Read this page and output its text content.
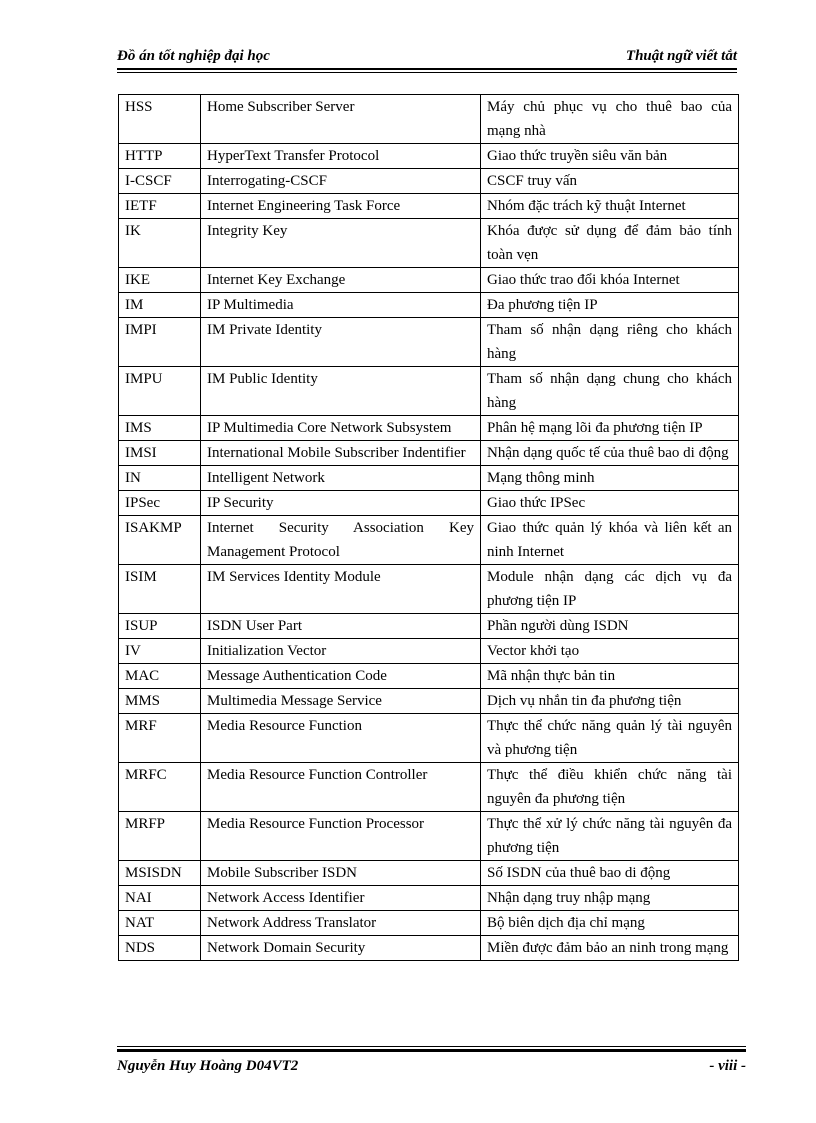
Đồ án tốt nghiệp đại học	Thuật ngữ viết tắt
HSS	Home Subscriber Server	Máy chủ phục vụ cho thuê bao của mạng nhà
HTTP	HyperText Transfer Protocol	Giao thức truyền siêu văn bản
I-CSCF	Interrogating-CSCF	CSCF truy vấn
IETF	Internet Engineering Task Force	Nhóm đặc trách kỹ thuật Internet
IK	Integrity Key	Khóa được sử dụng để đảm bảo tính toàn vẹn
IKE	Internet Key Exchange	Giao thức trao đổi khóa Internet
IM	IP Multimedia	Đa phương tiện IP
IMPI	IM Private Identity	Tham số nhận dạng riêng cho khách hàng
IMPU	IM Public Identity	Tham số nhận dạng chung cho khách hàng
IMS	IP Multimedia Core Network Subsystem	Phân hệ mạng lõi đa phương tiện IP
IMSI	International Mobile Subscriber Indentifier	Nhận dạng quốc tế của thuê bao di động
IN	Intelligent Network	Mạng thông minh
IPSec	IP Security	Giao thức IPSec
ISAKMP	Internet Security Association Key Management Protocol	Giao thức quản lý khóa và liên kết an ninh Internet
ISIM	IM Services Identity Module	Module nhận dạng các dịch vụ đa phương tiện IP
ISUP	ISDN User Part	Phần người dùng ISDN
IV	Initialization Vector	Vector khởi tạo
MAC	Message Authentication Code	Mã nhận thực bản tin
MMS	Multimedia Message Service	Dịch vụ nhắn tin đa phương tiện
MRF	Media Resource Function	Thực thể chức năng quản lý tài nguyên và phương tiện
MRFC	Media Resource Function Controller	Thực thể điều khiển chức năng tài nguyên đa phương tiện
MRFP	Media Resource Function Processor	Thực thể xử lý chức năng tài nguyên đa phương tiện
MSISDN	Mobile Subscriber ISDN	Số ISDN của thuê bao di động
NAI	Network Access Identifier	Nhận dạng truy nhập mạng
NAT	Network Address Translator	Bộ biên dịch địa chỉ mạng
NDS	Network Domain Security	Miền được đảm bảo an ninh trong mạng
Nguyễn Huy Hoàng D04VT2	- viii -
